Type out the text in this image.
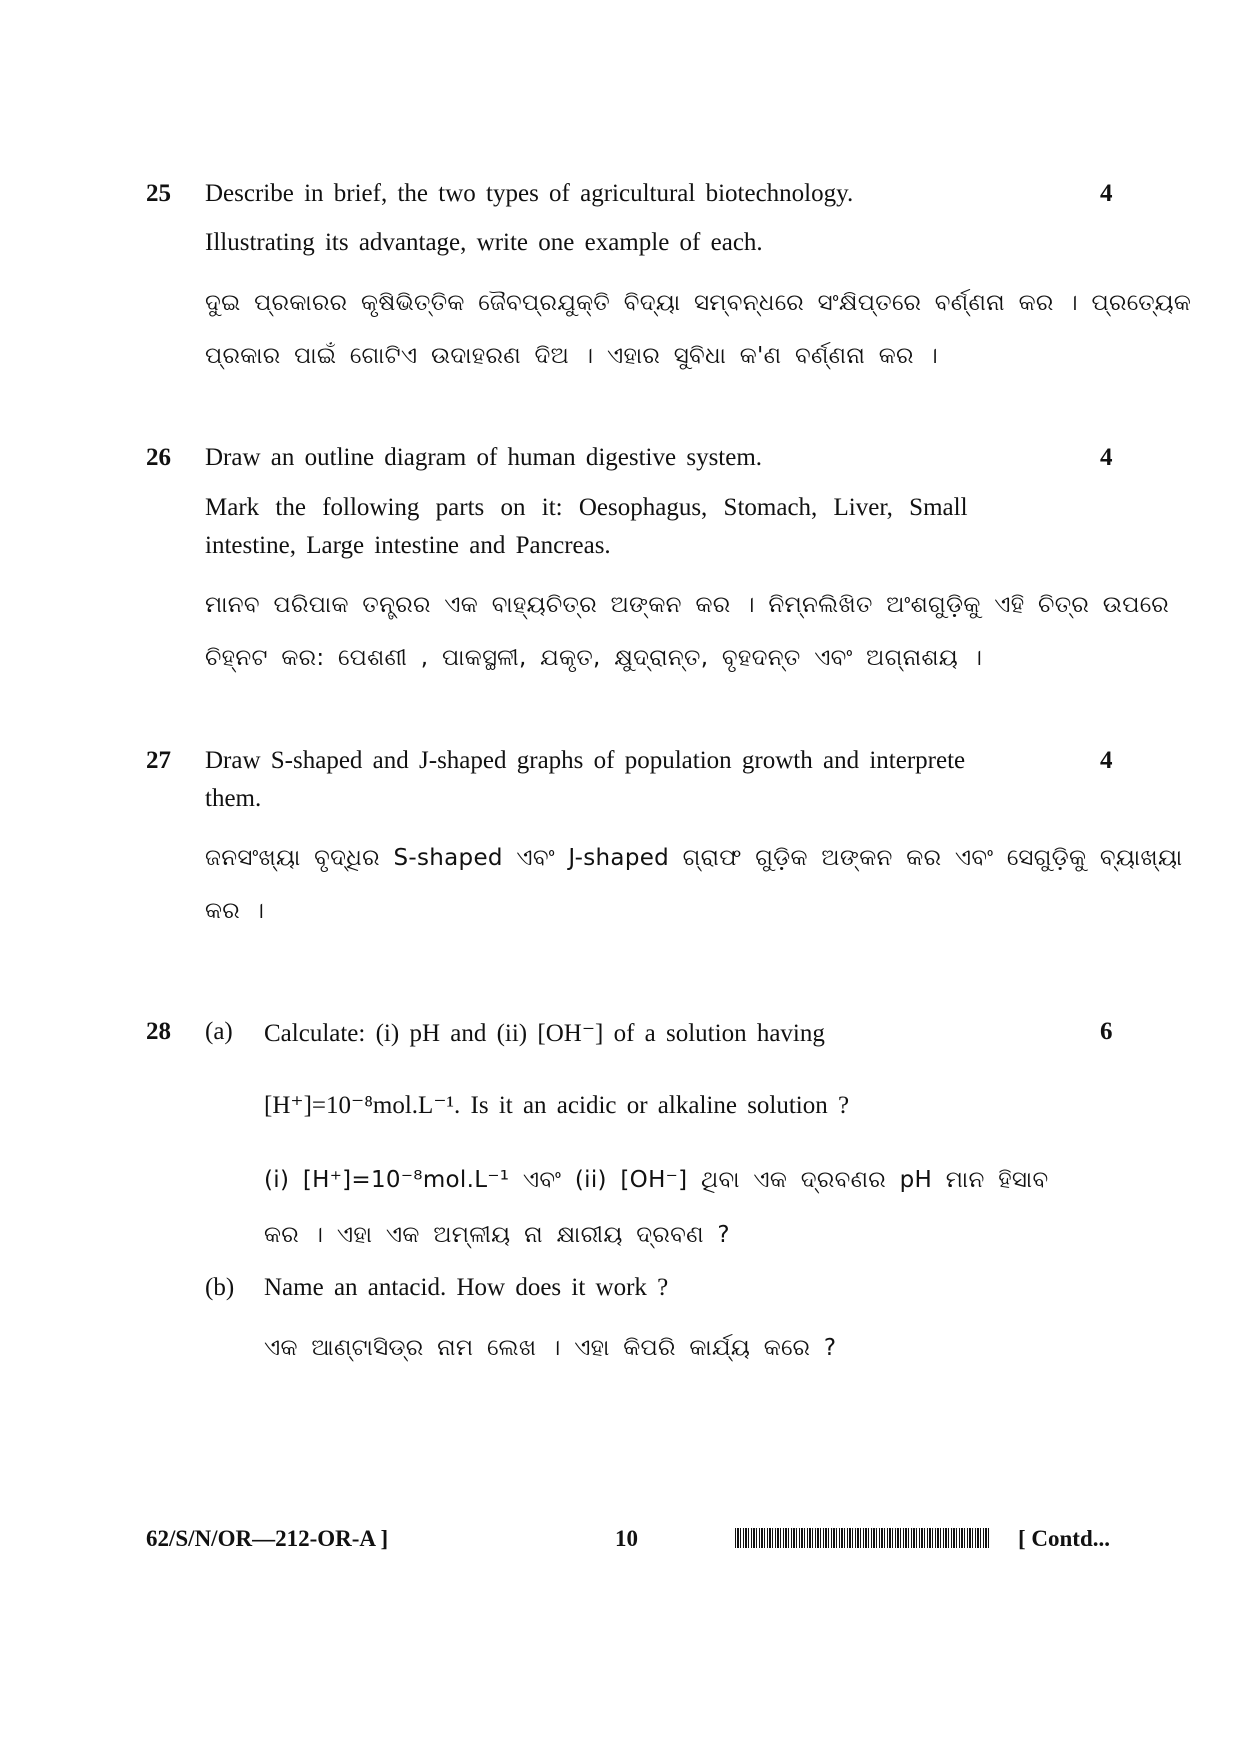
25	4
Describe in brief, the two types of agricultural biotechnology.
Illustrating its advantage, write one example of each.
ଦୁଇ ପ୍ରକାରର କୃଷିଭିତ୍ତିକ ଜୈବପ୍ରଯୁକ୍ତି ବିଦ୍ୟା ସମ୍ବନ୍ଧରେ ସଂକ୍ଷିପ୍ତରେ ବର୍ଣ୍ଣନା କର । ପ୍ରତ୍ୟେକ
ପ୍ରକାର ପାଇଁ ଗୋଟିଏ ଉଦାହରଣ ଦିଅ । ଏହାର ସୁବିଧା କ'ଣ ବର୍ଣ୍ଣନା କର ।
26	4
Draw an outline diagram of human digestive system.
Mark the following parts on it: Oesophagus, Stomach, Liver, Small
intestine, Large intestine and Pancreas.
ମାନବ ପରିପାକ ତନ୍ତ୍ରର ଏକ ବାହ୍ୟଚିତ୍ର ଅଙ୍କନ କର । ନିମ୍ନଲିଖିତ ଅଂଶଗୁଡ଼ିକୁ ଏହି ଚିତ୍ର ଉପରେ
ଚିହ୍ନଟ କର: ପେଶଣୀ , ପାକସ୍ଥଳୀ, ଯକୃତ, କ୍ଷୁଦ୍ରାନ୍ତ, ବୃହଦନ୍ତ ଏବଂ ଅଗ୍ନାଶୟ ।
27	4
Draw S-shaped and J-shaped graphs of population growth and interprete
them.
ଜନସଂଖ୍ୟା ବୃଦ୍ଧିର S-shaped ଏବଂ J-shaped ଗ୍ରାଫ ଗୁଡ଼ିକ ଅଙ୍କନ କର ଏବଂ ସେଗୁଡ଼ିକୁ ବ୍ୟାଖ୍ୟା
କର ।
28	6
(a) Calculate: (i) pH and (ii) [OH⁻] of a solution having
[H⁺]=10⁻⁸mol.L⁻¹. Is it an acidic or alkaline solution ?
(i) [H⁺]=10⁻⁸mol.L⁻¹ ଏବଂ (ii) [OH⁻] ଥିବା ଏକ ଦ୍ରବଣର pH ମାନ ହିସାବ
କର । ଏହା ଏକ ଅମ୍ଳୀୟ ନା କ୍ଷାରୀୟ ଦ୍ରବଣ ?
(b) Name an antacid. How does it work ?
ଏକ ଆଣ୍ଟାସିଡ୍‌ର ନାମ ଲେଖ । ଏହା କିପରି କାର୍ଯ୍ୟ କରେ ?
62/S/N/OR—212-OR-A ]	10	[ Contd...
